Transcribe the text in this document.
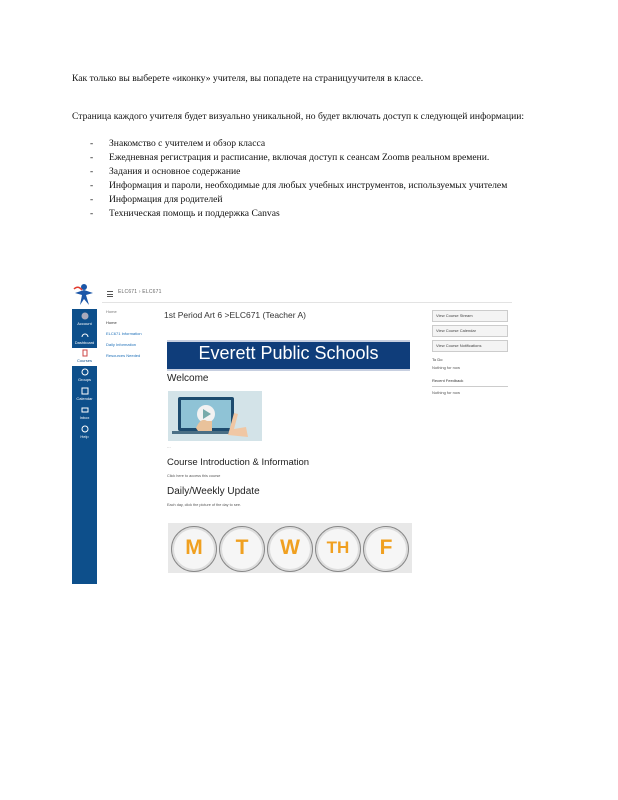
Как только вы выберете «иконку» учителя, вы попадете на страницуучителя в классе.
Страница каждого учителя будет визуально уникальной, но будет включать доступ к следующей информации:
- Знакомство с учителем и обзор класса
- Ежедневная регистрация и расписание, включая доступ к сеансам Zoomв реальном времени.
- Задания и основное содержание
- Информация и пароли, необходимые для любых учебных инструментов, используемых учителем
- Информация для родителей
- Техническая помощь и поддержка Canvas
Account
Dashboard
Courses
Groups
Calendar
Inbox
Help
ELC671 › ELC671
Home
Home
ELC671 Information
Daily Information
Resources Needed
1st Period Art 6 >ELC671 (Teacher A)
Everett Public Schools
Welcome
…
Course Introduction & Information
Click here to access this course
Daily/Weekly Update
Each day, click the picture of the day to see.
M	T	W	TH	F
View Course Stream
View Course Calendar
View Course Notifications
To Do
Nothing for now
Recent Feedback
Nothing for now
